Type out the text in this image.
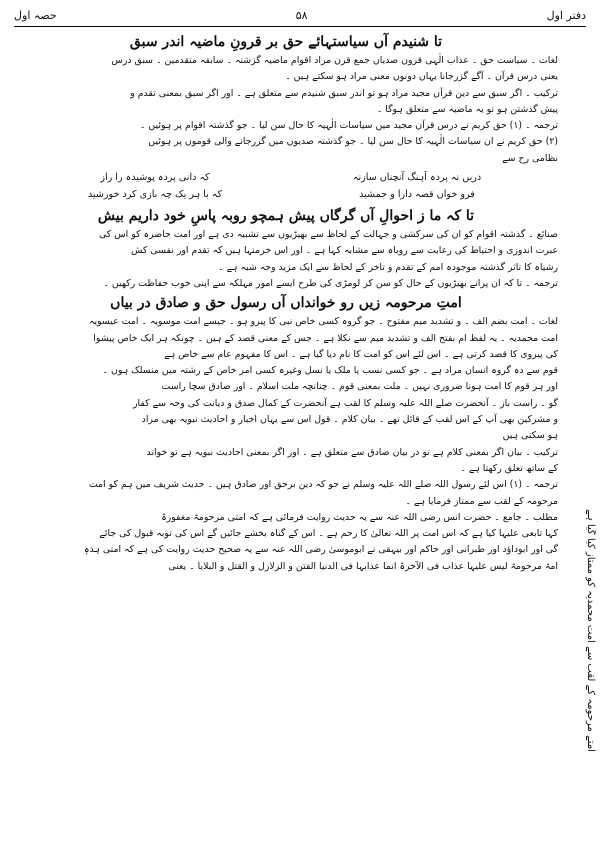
دفتر اول
۵۸
حصہ اول
تا شنیدم آں سیاستہائے حق بر قرونِ ماضیہ اندر سبق

لغات ۔ سیاست حق ۔ عذاب الٰہی قرون صدیاں جمع قرن مراد اقوام ماضیہ گزشتہ ۔ سابقہ متقدمین ۔ سبق درس

یعنی درس قرآن ۔ آگے گزرجانا یہاں دونوں معنی مراد ہو سکتے ہیں ۔

ترکیب ۔ اگر سبق سے دین قرآن مجید مراد ہو تو اندر سبق شنیدم سے متعلق ہے ۔ اور اگر سبق بمعنی تقدم و

پیش گذشتن ہو تو یہ ماضیہ سے متعلق ہوگا ۔

ترجمہ ۔ (۱) حق کریم نے درس قرآن مجید میں سیاسات الٰہیہ کا حال سن لیا ۔ جو گذشتہ اقوام پر ہوئیں ۔

(۲) حق کریم نے ان سیاسات الٰہیہ کا حال سن لیا ۔ جو گذشتہ صدیوں میں گزرجانے والی قوموں پر ہوئیں

نظامی رح سے

دریں نہ پردہ آہنگ آنچناں سازنہ
کہ دانی پردہ پوشیدہ را راز
فرو خواں قصہ دارا و جمشید
کہ با ہر یک چہ بازی کرد خورشید
تا کہ ما ز احوالِ آں گرگاں پیش ہمچو روبہ پاسِ خود داریم بیش

صنائع ۔ گذشتہ اقوام کو ان کی سرکشی و جہالت کے لحاظ سے بھیڑیوں سے تشبیہ دی ہے اور امت حاضرہ کو اس کی

عبرت اندوزی و احتیاط کی رعایت سے روباہ سے مشابہ کہا ہے ۔ اور اس خرمنہا ہیں کہ تقدم اور نفسی کش

رشیاہ کا تاثر گذشتہ موجودہ امم کے تقدم و تاخر کے لحاظ سے ایک مزید وجہ شبہ ہے ۔

ترجمہ ۔ تا کہ ان پرانے بھیڑیوں کے حال کو سن کر لومڑی کی طرح ایسے امور مہلکہ سے اپنی خوب حفاظت رکھیں ۔

امتِ مرحومہ زیں رو خوانداں آں رسول حق و صادق در بیاں

لغات ۔ امت بضم الف ۔ و تشدید میم مفتوح ۔ جو گروہ کسی خاص نبی کا پیرو ہو ۔ جیسے امت موسویہ ۔ امت عیسویہ

امت محمدیہ ۔ یہ لفظ ام بفتح الف و تشدید میم سے نکلا ہے ۔ جس کے معنی قصد کے ہیں ۔ چونکہ ہر ایک خاص پیشوا

کی پیروی کا قصد کرتی ہے ۔ اس لئے اس کو امت کا نام دیا گیا ہے ۔ اس کا مفہوم عام سے خاص ہے

قوم سے دہ گروہ انسان مراد ہے ۔ جو کسی نسب یا ملک یا نسل وغیرہ کسی امر خاص کے رشتہ میں منسلک ہوں ۔

اور ہر قوم کا امت ہونا ضروری نہیں ۔ ملت بمعنی قوم ۔ چنانچہ ملت اسلام ۔ اور صادق سچا راست

گو ۔ راست باز ۔ آنحضرت صلے اللہ علیہ وسلم کا لقب ہے آنحضرت کے کمال صدق و دیانت کی وجہ سے کفار

و مشرکین بھی آپ کے اس لقب کے قائل تھے ۔ بیان کلام ۔ قول اس سے یہاں اخبار و احادیث نبویہ بھی مراد

ہو سکتی ہیں

ترکیب ۔ بیان اگر بمعنی کلام ہے تو در بیان صادق سے متعلق ہے ۔ اور اگر بمعنی احادیث نبویہ ہے تو خواند

کے ساتھ تعلق رکھتا ہے ۔

ترجمہ ۔ (۱) اس لئے رسول اللہ صلے اللہ علیہ وسلم نے جو کہ دین برحق اور صادق ہیں ۔ حدیث شریف میں ہم کو امت

مرحومہ کے لقب سے ممتاز فرمایا ہے ۔

مطلب ۔ جامع ۔ حضرت انس رضی اللہ عنہ سے یہ حدیث روایت فرمائی ہے کہ امتی مرحومۃ مغفورۃ

کہا تابعی علیہا کیا ہے کہ اس امت پر اللہ تعالیٰ کا رحم ہے ۔ اس کے گناہ بخشے جائیں گے اس کی توبہ قبول کی جائے

گی اور ابوداؤد اور طبرانی اور حاکم اور بیہقی نے ابوموسیٰ رضی اللہ عنہ سے یہ صحیح حدیث روایت کی ہے کہ امتی ہذہٖ

امۃ مرحومۃ لیس علیہا عذاب فی الآخرۃ انما عذابہا فی الدنیا الفتن و الزلازل و القتل و البلایا ۔ یعنی	امتے مرحومہ کے لقب سے امت محمدیہ کو ممتاز کیا گیا ہے
